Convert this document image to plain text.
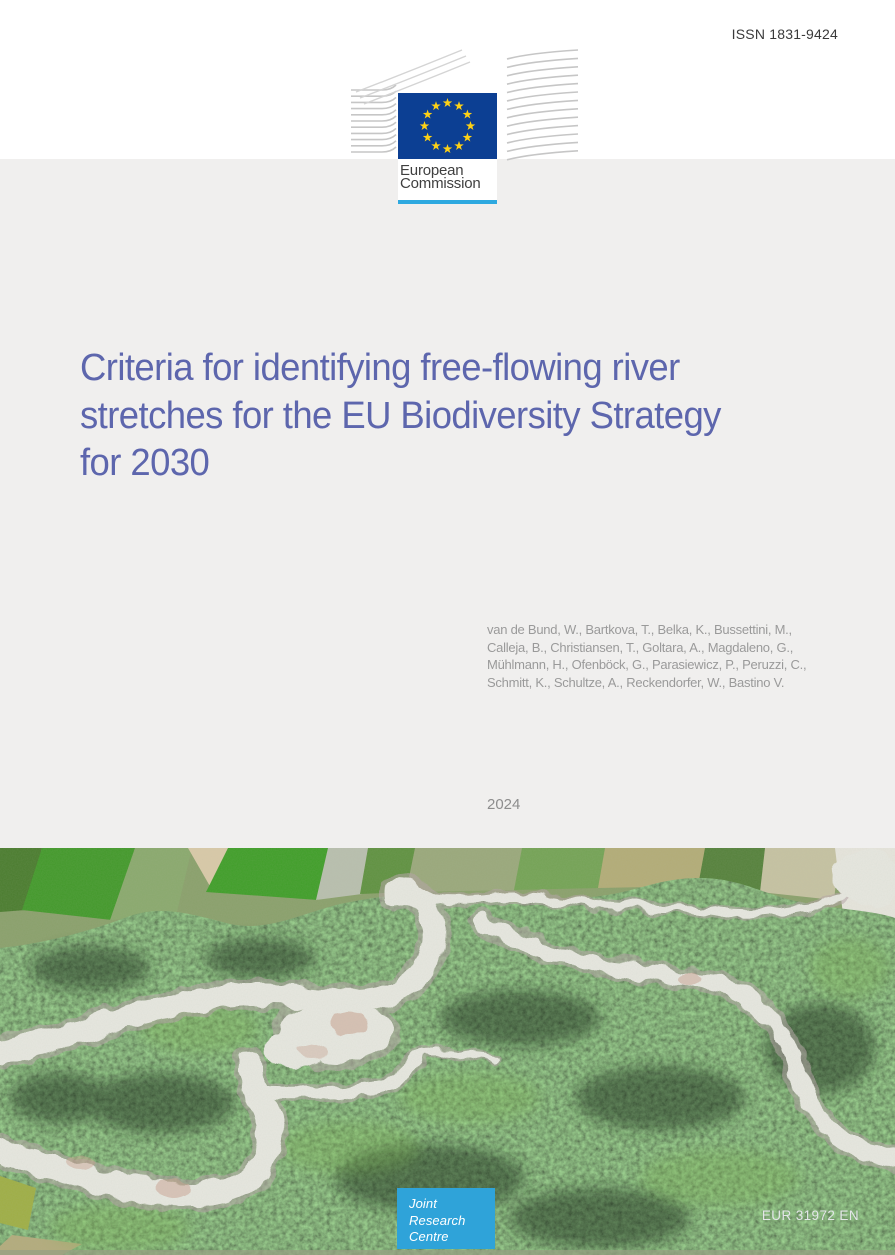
ISSN 1831-9424
European
Commission
Criteria for identifying free-flowing river
stretches for the EU Biodiversity Strategy
for 2030
van de Bund, W., Bartkova, T., Belka, K., Bussettini, M.,
Calleja, B., Christiansen, T., Goltara, A., Magdaleno, G.,
Mühlmann, H., Ofenböck, G., Parasiewicz, P., Peruzzi, C.,
Schmitt, K., Schultze, A., Reckendorfer, W., Bastino V.
2024
Joint
Research
Centre
EUR 31972 EN
